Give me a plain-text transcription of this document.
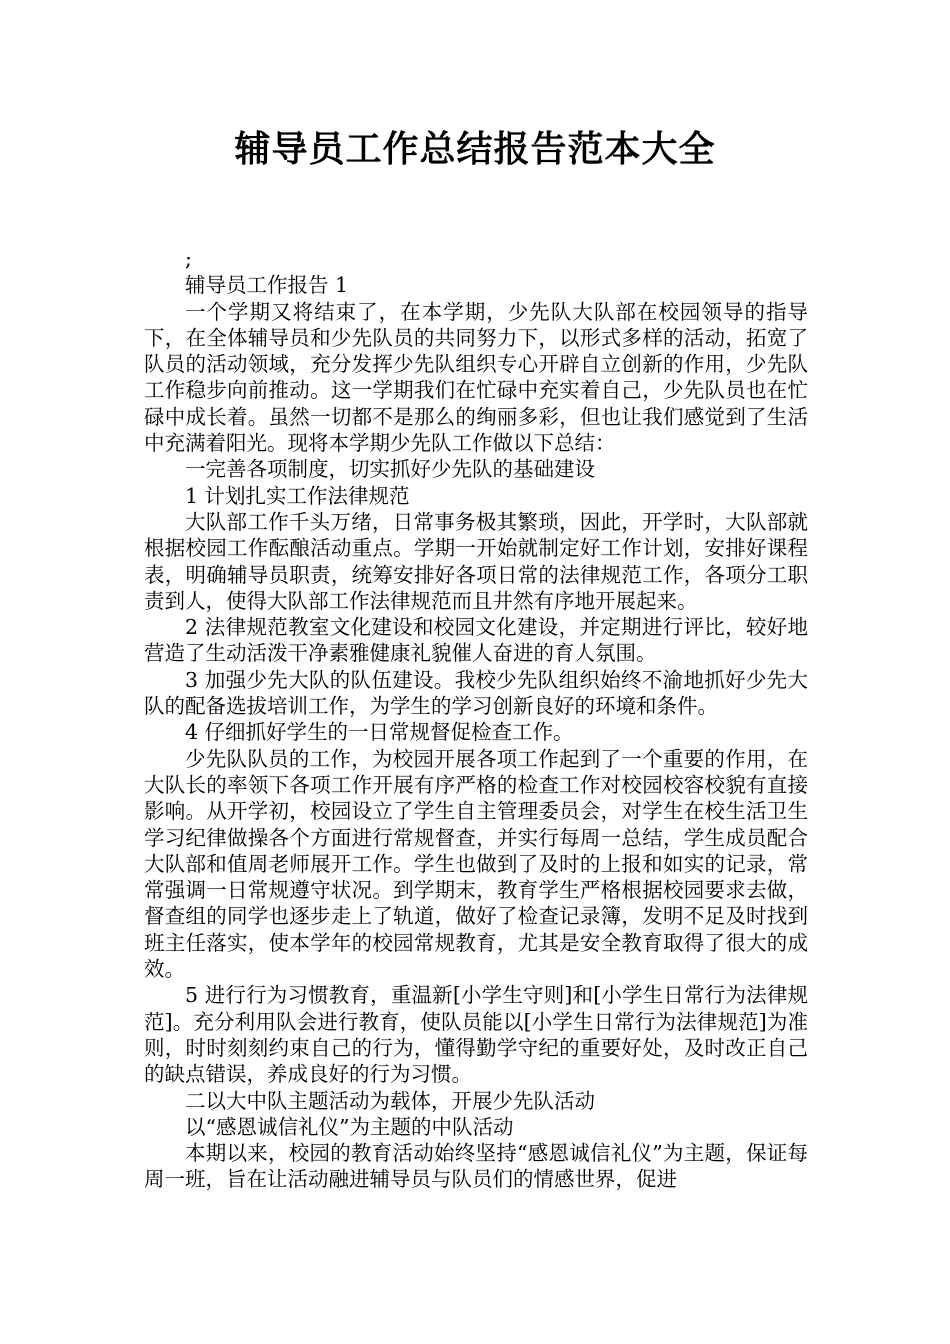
辅导员工作总结报告范本大全

;

辅导员工作报告 1

一个学期又将结束了，在本学期，少先队大队部在校园领导的指导下，在全体辅导员和少先队员的共同努力下，以形式多样的活动，拓宽了队员的活动领域，充分发挥少先队组织专心开辟自立创新的作用，少先队工作稳步向前推动。这一学期我们在忙碌中充实着自己，少先队员也在忙碌中成长着。虽然一切都不是那么的绚丽多彩，但也让我们感觉到了生活中充满着阳光。现将本学期少先队工作做以下总结：

一完善各项制度，切实抓好少先队的基础建设

1 计划扎实工作法律规范

大队部工作千头万绪，日常事务极其繁琐，因此，开学时，大队部就根据校园工作酝酿活动重点。学期一开始就制定好工作计划，安排好课程表，明确辅导员职责，统筹安排好各项日常的法律规范工作，各项分工职责到人，使得大队部工作法律规范而且井然有序地开展起来。

2 法律规范教室文化建设和校园文化建设，并定期进行评比，较好地营造了生动活泼干净素雅健康礼貌催人奋进的育人氛围。

3 加强少先大队的队伍建设。我校少先队组织始终不渝地抓好少先大队的配备选拔培训工作，为学生的学习创新良好的环境和条件。

4 仔细抓好学生的一日常规督促检查工作。

少先队队员的工作，为校园开展各项工作起到了一个重要的作用，在大队长的率领下各项工作开展有序严格的检查工作对校园校容校貌有直接影响。从开学初，校园设立了学生自主管理委员会，对学生在校生活卫生学习纪律做操各个方面进行常规督查，并实行每周一总结，学生成员配合大队部和值周老师展开工作。学生也做到了及时的上报和如实的记录，常常强调一日常规遵守状况。到学期末，教育学生严格根据校园要求去做，督查组的同学也逐步走上了轨道，做好了检查记录簿，发明不足及时找到班主任落实，使本学年的校园常规教育，尤其是安全教育取得了很大的成效。

5 进行行为习惯教育，重温新[小学生守则]和[小学生日常行为法律规范]。充分利用队会进行教育，使队员能以[小学生日常行为法律规范]为准则，时时刻刻约束自己的行为，懂得勤学守纪的重要好处，及时改正自己的缺点错误，养成良好的行为习惯。

二以大中队主题活动为载体，开展少先队活动

以“感恩诚信礼仪”为主题的中队活动

本期以来，校园的教育活动始终坚持“感恩诚信礼仪”为主题，保证每周一班，旨在让活动融进辅导员与队员们的情感世界，促进
